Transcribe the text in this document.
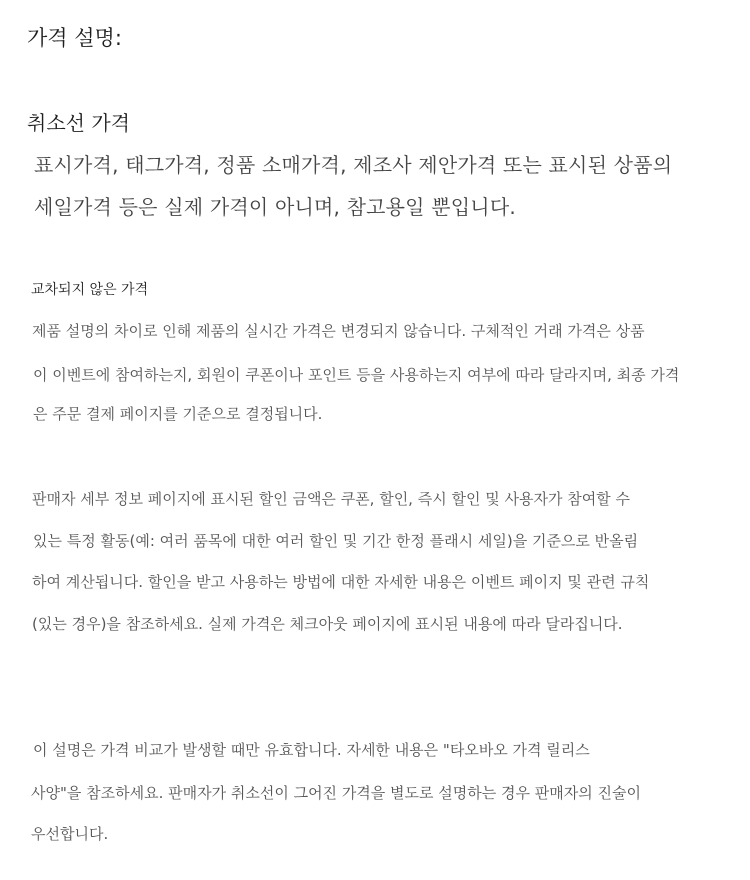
가격 설명:
취소선 가격
표시가격, 태그가격, 정품 소매가격, 제조사 제안가격 또는 표시된 상품의
세일가격 등은 실제 가격이 아니며, 참고용일 뿐입니다.
교차되지 않은 가격
제품 설명의 차이로 인해 제품의 실시간 가격은 변경되지 않습니다. 구체적인 거래 가격은 상품
이 이벤트에 참여하는지, 회원이 쿠폰이나 포인트 등을 사용하는지 여부에 따라 달라지며, 최종 가격
은 주문 결제 페이지를 기준으로 결정됩니다.
판매자 세부 정보 페이지에 표시된 할인 금액은 쿠폰, 할인, 즉시 할인 및 사용자가 참여할 수
있는 특정 활동(예: 여러 품목에 대한 여러 할인 및 기간 한정 플래시 세일)을 기준으로 반올림
하여 계산됩니다. 할인을 받고 사용하는 방법에 대한 자세한 내용은 이벤트 페이지 및 관련 규칙
(있는 경우)을 참조하세요. 실제 가격은 체크아웃 페이지에 표시된 내용에 따라 달라집니다.
이 설명은 가격 비교가 발생할 때만 유효합니다. 자세한 내용은 "타오바오 가격 릴리스
사양"을 참조하세요. 판매자가 취소선이 그어진 가격을 별도로 설명하는 경우 판매자의 진술이
우선합니다.
